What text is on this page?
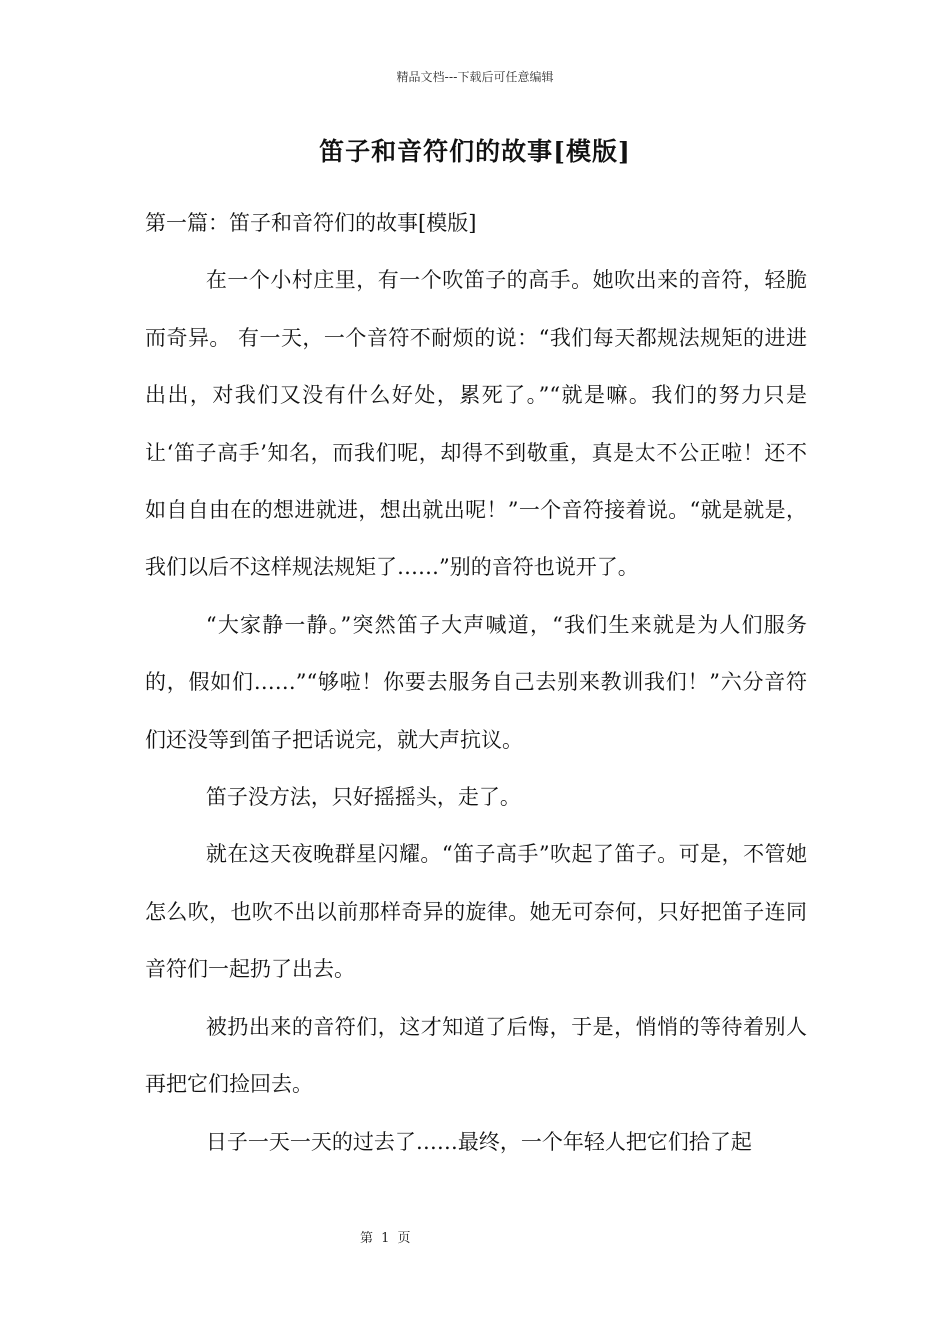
精品文档---下载后可任意编辑
笛子和音符们的故事[模版]

第一篇：笛子和音符们的故事[模版]

在一个小村庄里，有一个吹笛子的高手。她吹出来的音符，轻脆而奇异。 有一天，一个音符不耐烦的说：“我们每天都规法规矩的进进出出，对我们又没有什么好处，累死了。”“就是嘛。我们的努力只是让‘笛子高手’知名，而我们呢，却得不到敬重，真是太不公正啦！还不如自自由在的想进就进，想出就出呢！”一个音符接着说。“就是就是，我们以后不这样规法规矩了……”别的音符也说开了。

“大家静一静。”突然笛子大声喊道，“我们生来就是为人们服务的，假如们……”“够啦！你要去服务自己去别来教训我们！”六分音符们还没等到笛子把话说完，就大声抗议。

笛子没方法，只好摇摇头，走了。

就在这天夜晚群星闪耀。“笛子高手”吹起了笛子。可是，不管她怎么吹，也吹不出以前那样奇异的旋律。她无可奈何，只好把笛子连同音符们一起扔了出去。

被扔出来的音符们，这才知道了后悔，于是，悄悄的等待着别人再把它们捡回去。

日子一天一天的过去了……最终，一个年轻人把它们拾了起

第 1 页
